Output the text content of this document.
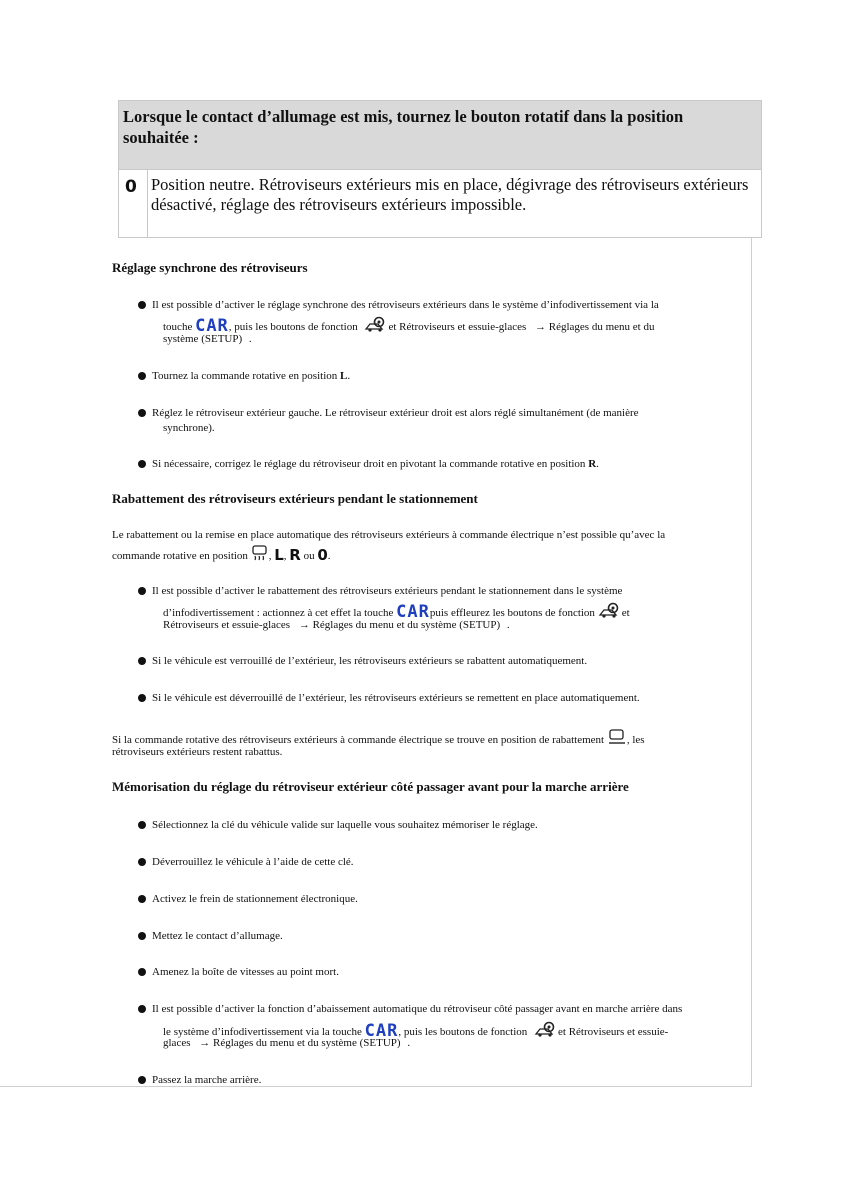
Lorsque le contact d’allumage est mis, tournez le bouton rotatif dans la position souhaitée :
0 Position neutre. Rétroviseurs extérieurs mis en place, dégivrage des rétroviseurs extérieurs désactivé, réglage des rétroviseurs extérieurs impossible.
Réglage synchrone des rétroviseurs
Il est possible d’activer le réglage synchrone des rétroviseurs extérieurs dans le système d’infodivertissement via la
touche CAR, puis les boutons de fonction	et Rétroviseurs et essuie-glaces → Réglages du menu et du
système (SETUP) .
Tournez la commande rotative en position L.
Réglez le rétroviseur extérieur gauche. Le rétroviseur extérieur droit est alors réglé simultanément (de manière
synchrone).
Si nécessaire, corrigez le réglage du rétroviseur droit en pivotant la commande rotative en position R.
Rabattement des rétroviseurs extérieurs pendant le stationnement
Le rabattement ou la remise en place automatique des rétroviseurs extérieurs à commande électrique n’est possible qu’avec la
commande rotative en position , L, R ou 0.
Il est possible d’activer le rabattement des rétroviseurs extérieurs pendant le stationnement dans le système
d’infodivertissement : actionnez à cet effet la touche CARpuis effleurez les boutons de fonction et
Rétroviseurs et essuie-glaces → Réglages du menu et du système (SETUP) .
Si le véhicule est verrouillé de l’extérieur, les rétroviseurs extérieurs se rabattent automatiquement.
Si le véhicule est déverrouillé de l’extérieur, les rétroviseurs extérieurs se remettent en place automatiquement.
Si la commande rotative des rétroviseurs extérieurs à commande électrique se trouve en position de rabattement , les
rétroviseurs extérieurs restent rabattus.
Mémorisation du réglage du rétroviseur extérieur côté passager avant pour la marche arrière
Sélectionnez la clé du véhicule valide sur laquelle vous souhaitez mémoriser le réglage.
Déverrouillez le véhicule à l’aide de cette clé.
Activez le frein de stationnement électronique.
Mettez le contact d’allumage.
Amenez la boîte de vitesses au point mort.
Il est possible d’activer la fonction d’abaissement automatique du rétroviseur côté passager avant en marche arrière dans
le système d’infodivertissement via la touche CAR, puis les boutons de fonction	et Rétroviseurs et essuie-
glaces → Réglages du menu et du système (SETUP) .
Passez la marche arrière.
